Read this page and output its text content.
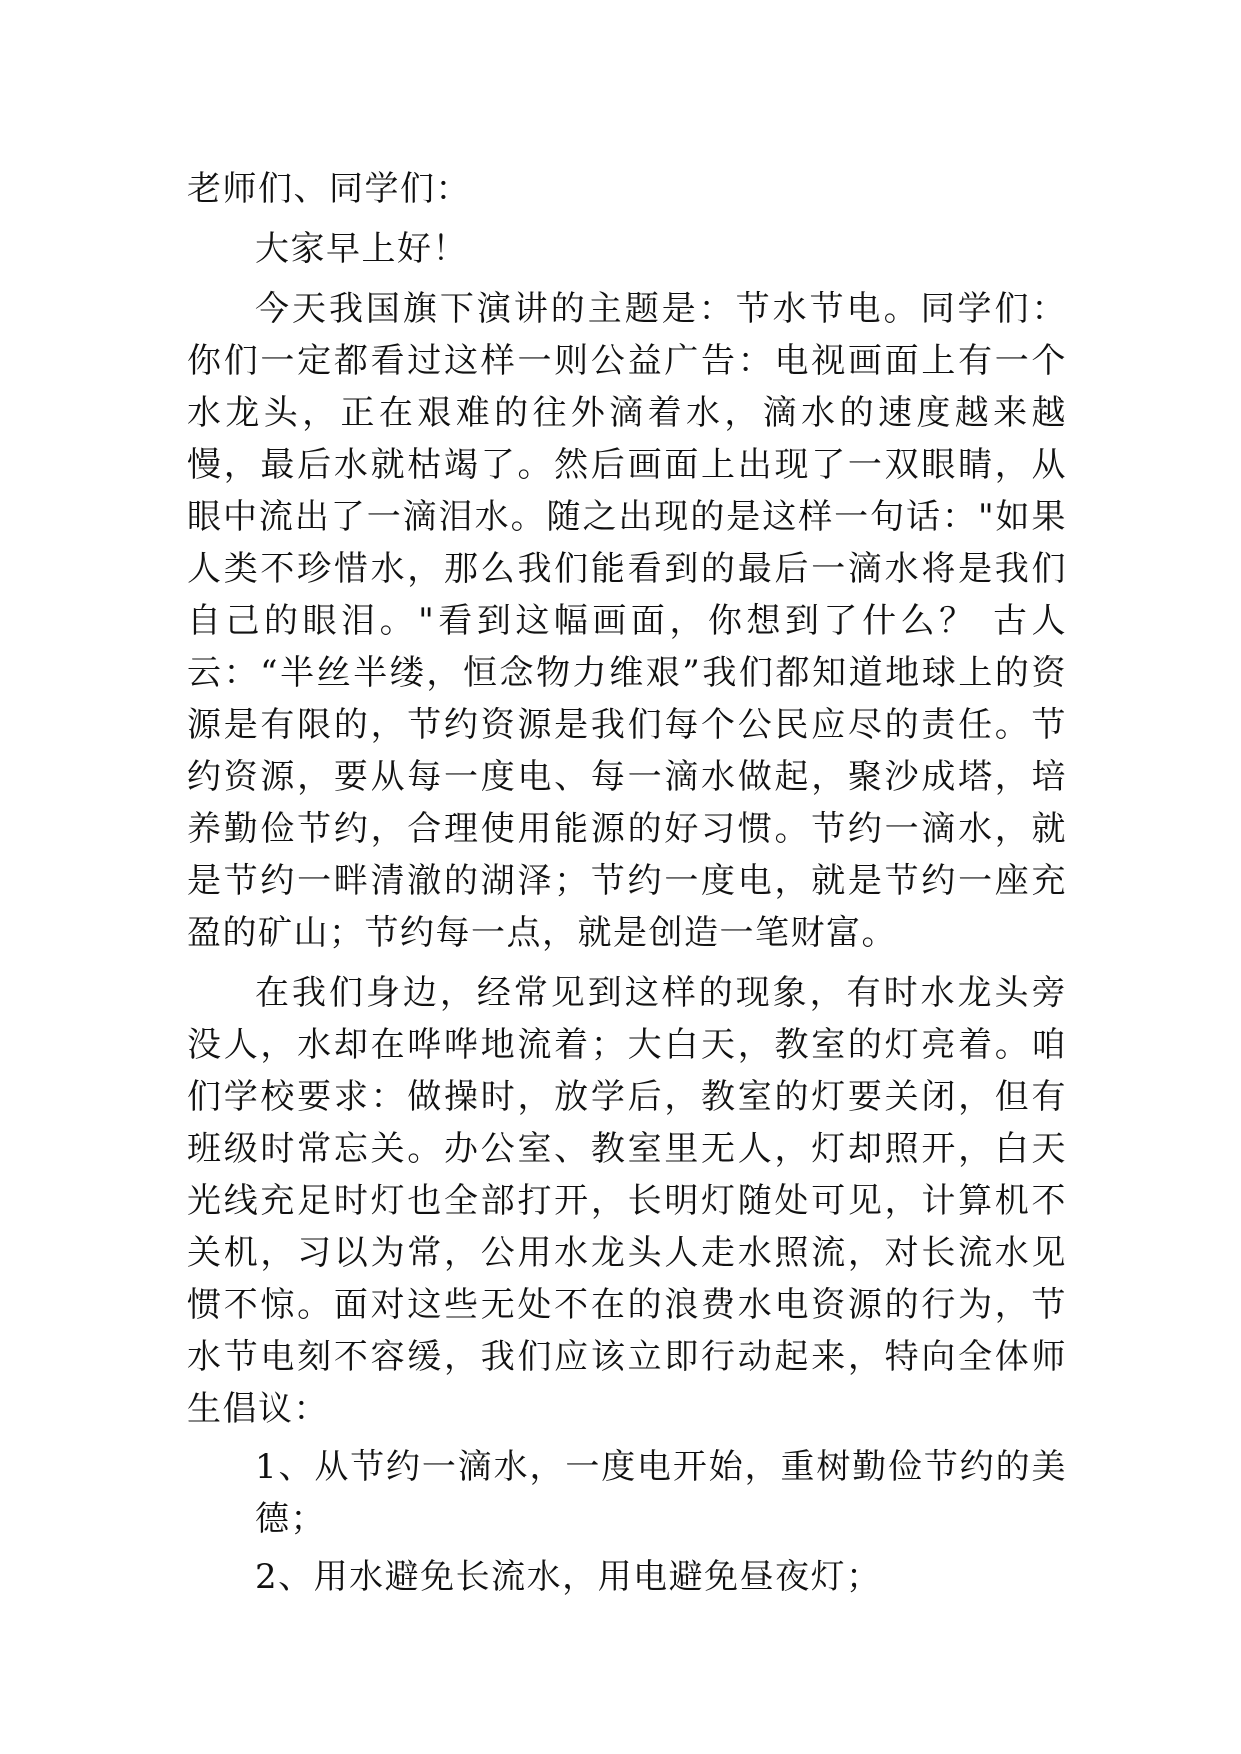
老师们、同学们：

大家早上好！

今天我国旗下演讲的主题是：节水节电。同学们：你们一定都看过这样一则公益广告：电视画面上有一个水龙头，正在艰难的往外滴着水，滴水的速度越来越慢，最后水就枯竭了。然后画面上出现了一双眼睛，从眼中流出了一滴泪水。随之出现的是这样一句话："如果人类不珍惜水，那么我们能看到的最后一滴水将是我们自己的眼泪。"看到这幅画面，你想到了什么？ 古人云：“半丝半缕，恒念物力维艰”我们都知道地球上的资源是有限的，节约资源是我们每个公民应尽的责任。节约资源，要从每一度电、每一滴水做起，聚沙成塔，培养勤俭节约，合理使用能源的好习惯。节约一滴水，就是节约一畔清澈的湖泽；节约一度电，就是节约一座充盈的矿山；节约每一点，就是创造一笔财富。

在我们身边，经常见到这样的现象，有时水龙头旁没人，水却在哗哗地流着；大白天，教室的灯亮着。咱们学校要求：做操时，放学后，教室的灯要关闭，但有班级时常忘关。办公室、教室里无人，灯却照开，白天光线充足时灯也全部打开，长明灯随处可见，计算机不关机，习以为常，公用水龙头人走水照流，对长流水见惯不惊。面对这些无处不在的浪费水电资源的行为，节水节电刻不容缓，我们应该立即行动起来，特向全体师生倡议：

1、从节约一滴水，一度电开始，重树勤俭节约的美德；

2、用水避免长流水，用电避免昼夜灯；
